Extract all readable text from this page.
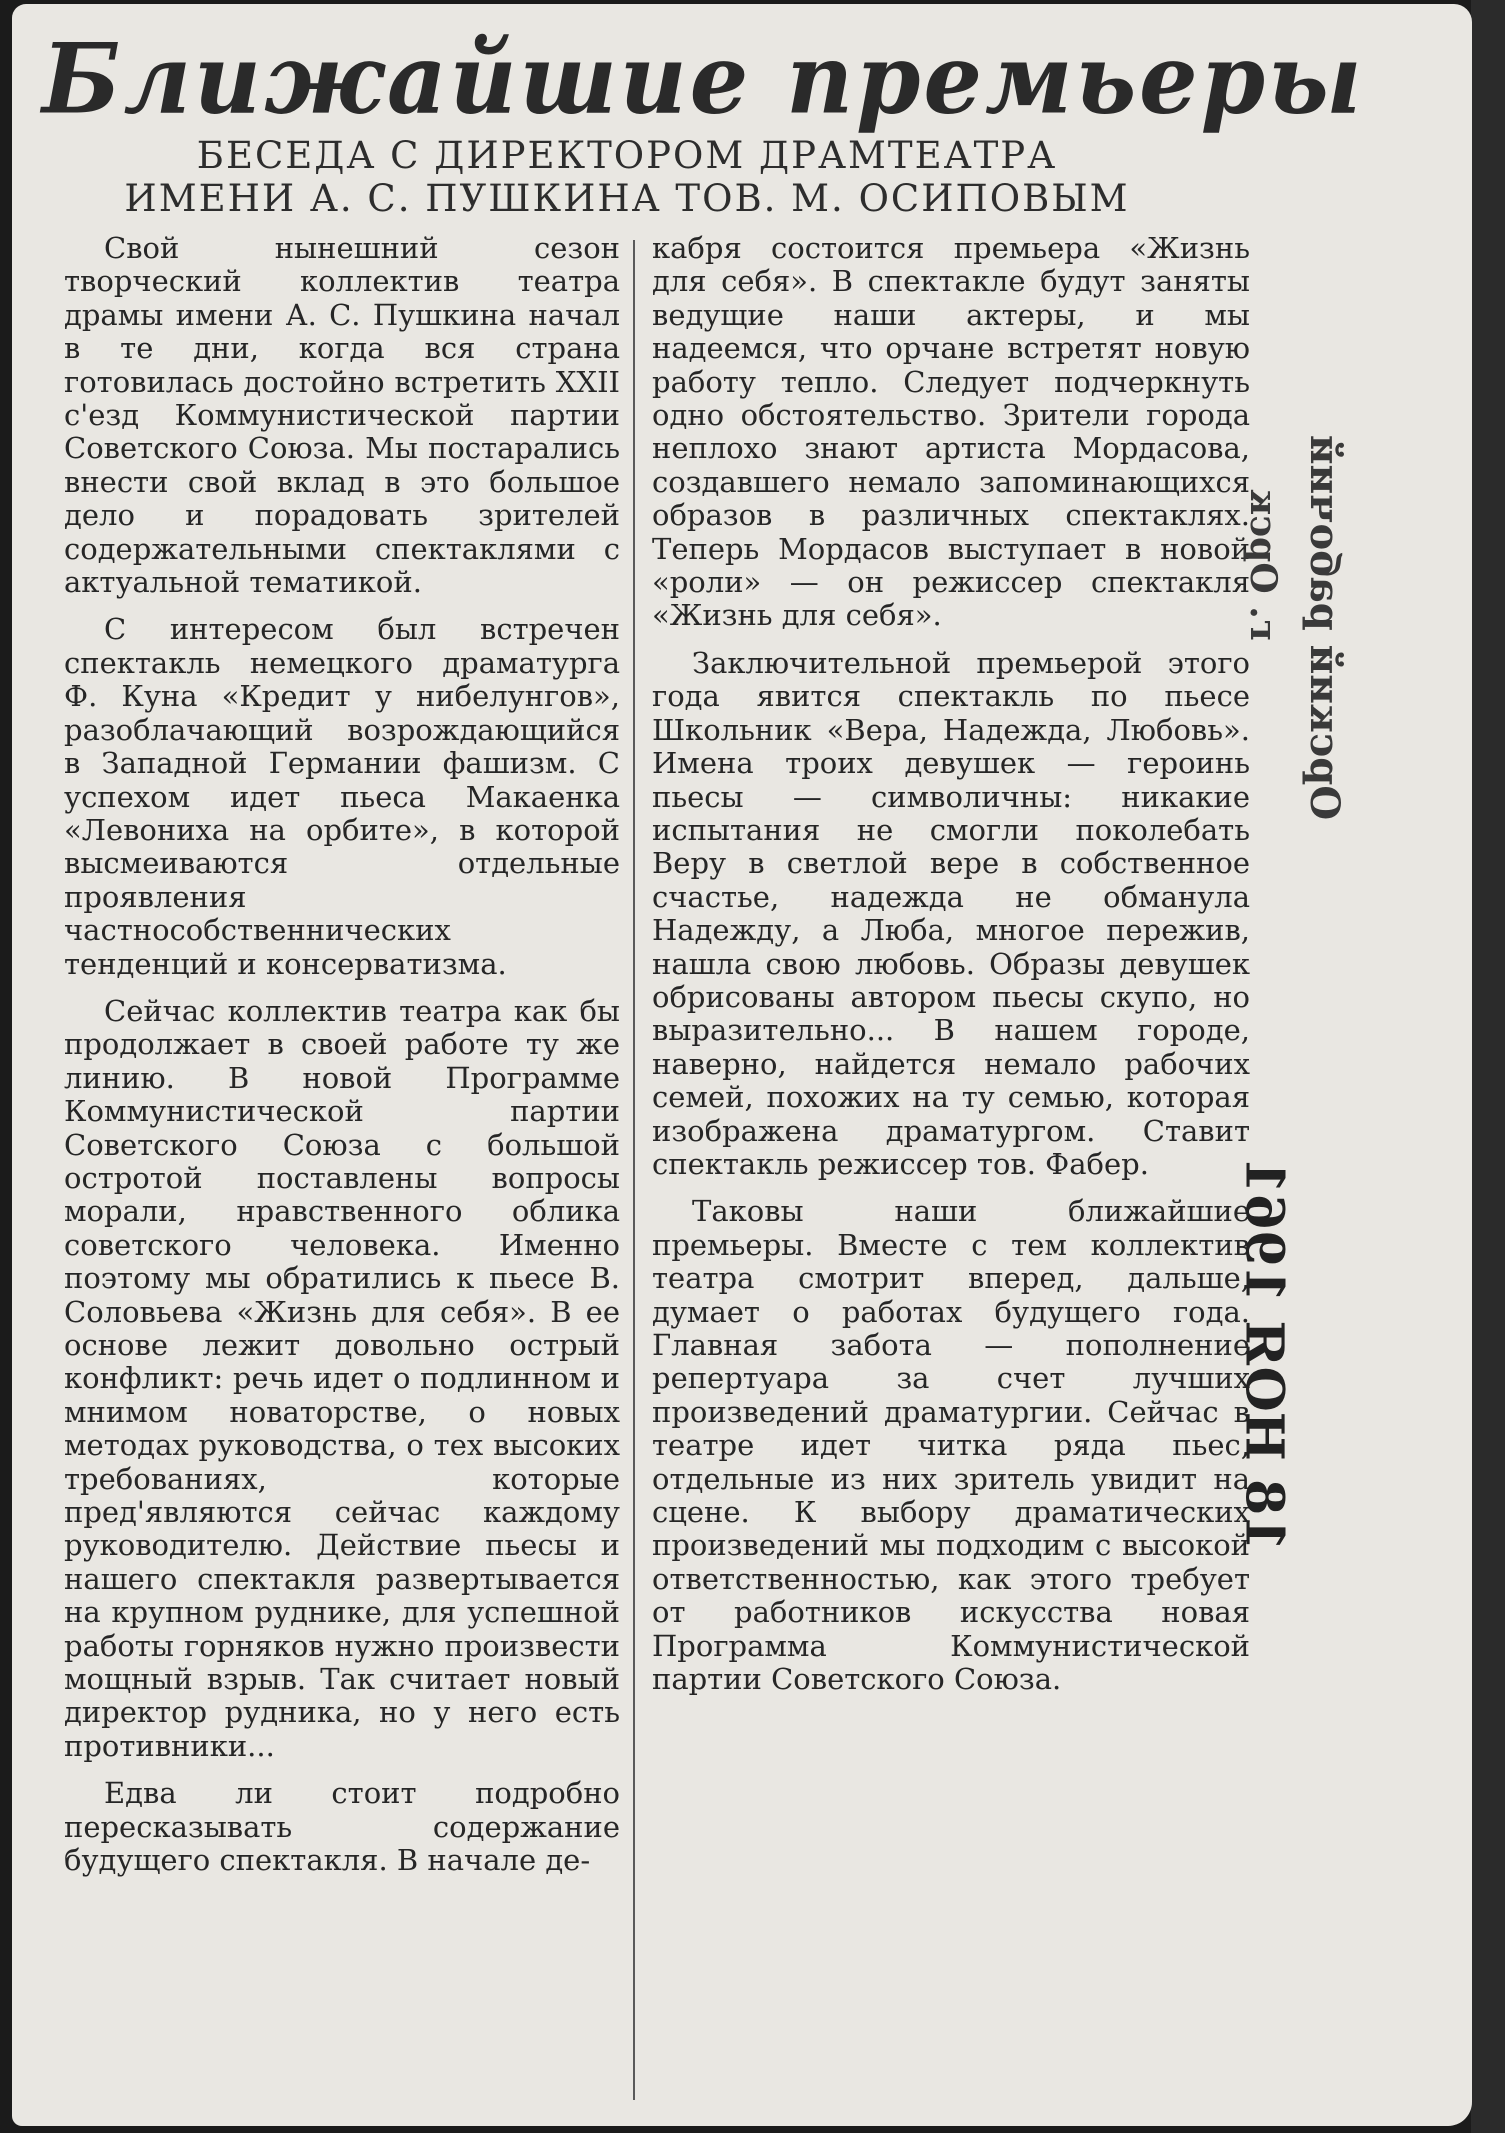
Ближайшие премьеры
БЕСЕДА С ДИРЕКТОРОМ ДРАМТЕАТРА
ИМЕНИ А. С. ПУШКИНА ТОВ. М. ОСИПОВЫМ

Свой нынешний сезон творческий коллектив театра драмы имени А. С. Пушкина начал в те дни, когда вся страна готовилась достойно встретить XXII с'езд Коммунистической партии Советского Союза. Мы постарались внести свой вклад в это большое дело и порадовать зрителей содержательными спектаклями с актуальной тематикой.

С интересом был встречен спектакль немецкого драматурга Ф. Куна «Кредит у нибелунгов», разоблачающий возрождающийся в Западной Германии фашизм. С успехом идет пьеса Макаенка «Левониха на орбите», в которой высмеиваются отдельные проявления частнособственнических тенденций и консерватизма.

Сейчас коллектив театра как бы продолжает в своей работе ту же линию. В новой Программе Коммунистической партии Советского Союза с большой остротой поставлены вопросы морали, нравственного облика советского человека. Именно поэтому мы обратились к пьесе В. Соловьева «Жизнь для себя». В ее основе лежит довольно острый конфликт: речь идет о подлинном и мнимом новаторстве, о новых методах руководства, о тех высоких требованиях, которые пред'являются сейчас каждому руководителю. Действие пьесы и нашего спектакля развертывается на крупном руднике, для успешной работы горняков нужно произвести мощный взрыв. Так считает новый директор рудника, но у него есть противники...

Едва ли стоит подробно пересказывать содержание будущего спектакля. В начале де-

кабря состоится премьера «Жизнь для себя». В спектакле будут заняты ведущие наши актеры, и мы надеемся, что орчане встретят новую работу тепло. Следует подчеркнуть одно обстоятельство. Зрители города неплохо знают артиста Мордасова, создавшего немало запоминающихся образов в различных спектаклях. Теперь Мордасов выступает в новой «роли» — он режиссер спектакля «Жизнь для себя».

Заключительной премьерой этого года явится спектакль по пьесе Школьник «Вера, Надежда, Любовь». Имена троих девушек — героинь пьесы — символичны: никакие испытания не смогли поколебать Веру в светлой вере в собственное счастье, надежда не обманула Надежду, а Люба, многое пережив, нашла свою любовь. Образы девушек обрисованы автором пьесы скупо, но выразительно... В нашем городе, наверно, найдется немало рабочих семей, похожих на ту семью, которая изображена драматургом. Ставит спектакль режиссер тов. Фабер.

Таковы наши ближайшие премьеры. Вместе с тем коллектив театра смотрит вперед, дальше, думает о работах будущего года. Главная забота — пополнение репертуара за счет лучших произведений драматургии. Сейчас в театре идет читка ряда пьес, отдельные из них зритель увидит на сцене. К выбору драматических произведений мы подходим с высокой ответственностью, как этого требует от работников искусства новая Программа Коммунистической партии Советского Союза.

Орский рабочий
г. Орск
18 НОЯ 1961
